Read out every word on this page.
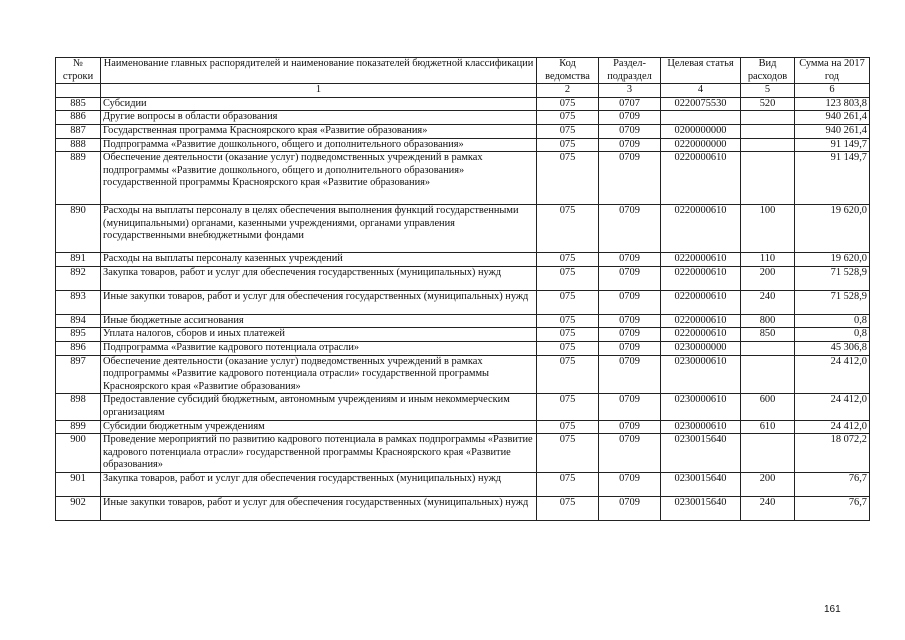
№ строки	Наименование главных распорядителей и наименование показателей бюджетной классификации	Код ведомства	Раздел-подраздел	Целевая статья	Вид расходов	Сумма на 2017 год
	1	2	3	4	5	6
885	Субсидии	075	0707	0220075530	520	123 803,8
886	Другие вопросы в области образования	075	0709			940 261,4
887	Государственная программа Красноярского края «Развитие образования»	075	0709	0200000000		940 261,4
888	Подпрограмма «Развитие дошкольного, общего и дополнительного образования»	075	0709	0220000000		91 149,7
889	Обеспечение деятельности (оказание услуг) подведомственных учреждений в рамках подпрограммы «Развитие дошкольного, общего и дополнительного образования» государственной программы Красноярского края «Развитие образования»	075	0709	0220000610		91 149,7
890	Расходы на выплаты персоналу в целях обеспечения выполнения функций государственными (муниципальными) органами, казенными учреждениями, органами управления государственными внебюджетными фондами	075	0709	0220000610	100	19 620,0
891	Расходы на выплаты персоналу казенных учреждений	075	0709	0220000610	110	19 620,0
892	Закупка товаров, работ и услуг для обеспечения государственных (муниципальных) нужд	075	0709	0220000610	200	71 528,9
893	Иные закупки товаров, работ и услуг для обеспечения государственных (муниципальных) нужд	075	0709	0220000610	240	71 528,9
894	Иные бюджетные ассигнования	075	0709	0220000610	800	0,8
895	Уплата налогов, сборов и иных платежей	075	0709	0220000610	850	0,8
896	Подпрограмма «Развитие кадрового потенциала отрасли»	075	0709	0230000000		45 306,8
897	Обеспечение деятельности (оказание услуг) подведомственных учреждений в рамках подпрограммы «Развитие кадрового потенциала отрасли» государственной программы Красноярского края «Развитие образования»	075	0709	0230000610		24 412,0
898	Предоставление субсидий бюджетным, автономным учреждениям и иным некоммерческим организациям	075	0709	0230000610	600	24 412,0
899	Субсидии бюджетным учреждениям	075	0709	0230000610	610	24 412,0
900	Проведение мероприятий по развитию кадрового потенциала в рамках подпрограммы «Развитие кадрового потенциала отрасли» государственной программы Красноярского края «Развитие образования»	075	0709	0230015640		18 072,2
901	Закупка товаров, работ и услуг для обеспечения государственных (муниципальных) нужд	075	0709	0230015640	200	76,7
902	Иные закупки товаров, работ и услуг для обеспечения государственных (муниципальных) нужд	075	0709	0230015640	240	76,7
161
